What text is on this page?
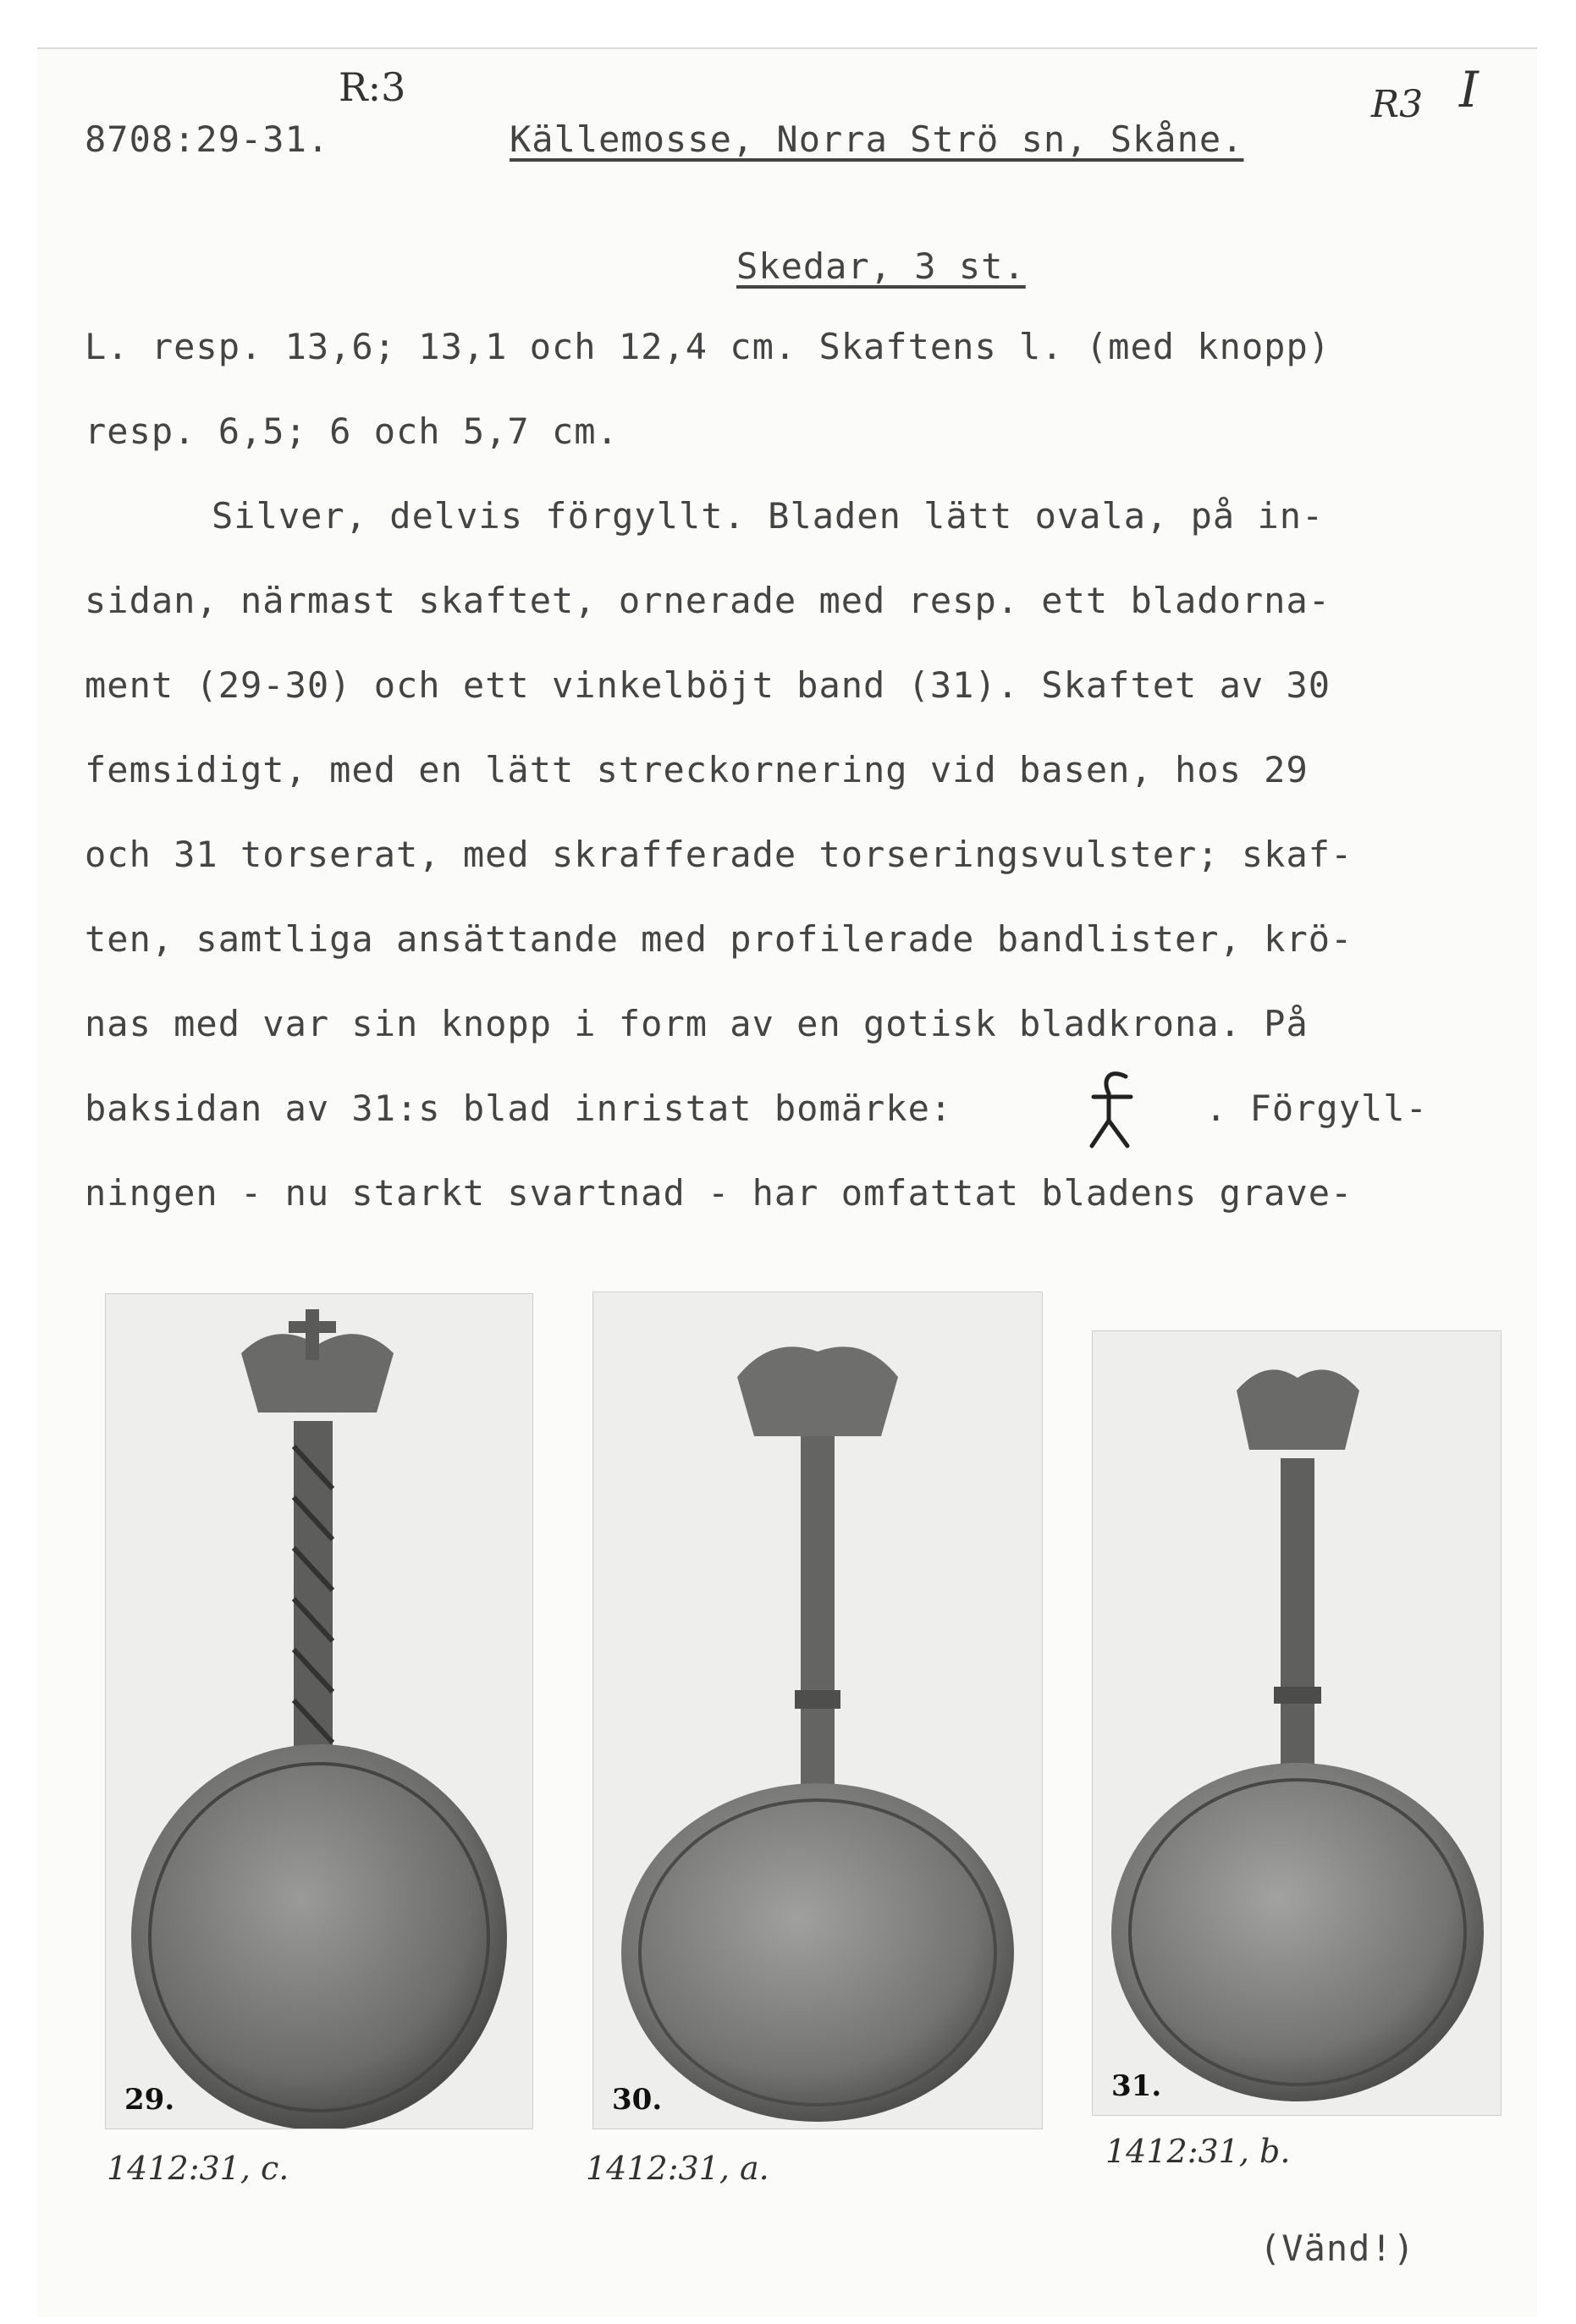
8708:29-31.
R:3
Källemosse, Norra Strö sn, Skåne.
R3 I
Skedar, 3 st.
L. resp. 13,6; 13,1 och 12,4 cm. Skaftens l. (med knopp)
resp. 6,5; 6 och 5,7 cm.
Silver, delvis förgyllt. Bladen lätt ovala, på in-
sidan, närmast skaftet, ornerade med resp. ett bladorna-
ment (29-30) och ett vinkelböjt band (31). Skaftet av 30
femsidigt, med en lätt streckornering vid basen, hos 29
och 31 torserat, med skrafferade torseringsvulster; skaf-
ten, samtliga ansättande med profilerade bandlister, krö-
nas med var sin knopp i form av en gotisk bladkrona. På
baksidan av 31:s blad inristat bomärke:	. Förgyll-
ningen - nu starkt svartnad - har omfattat bladens grave-
29.	30.	31.
1412:31, c.	1412:31, a.	1412:31, b.
(Vänd!)
